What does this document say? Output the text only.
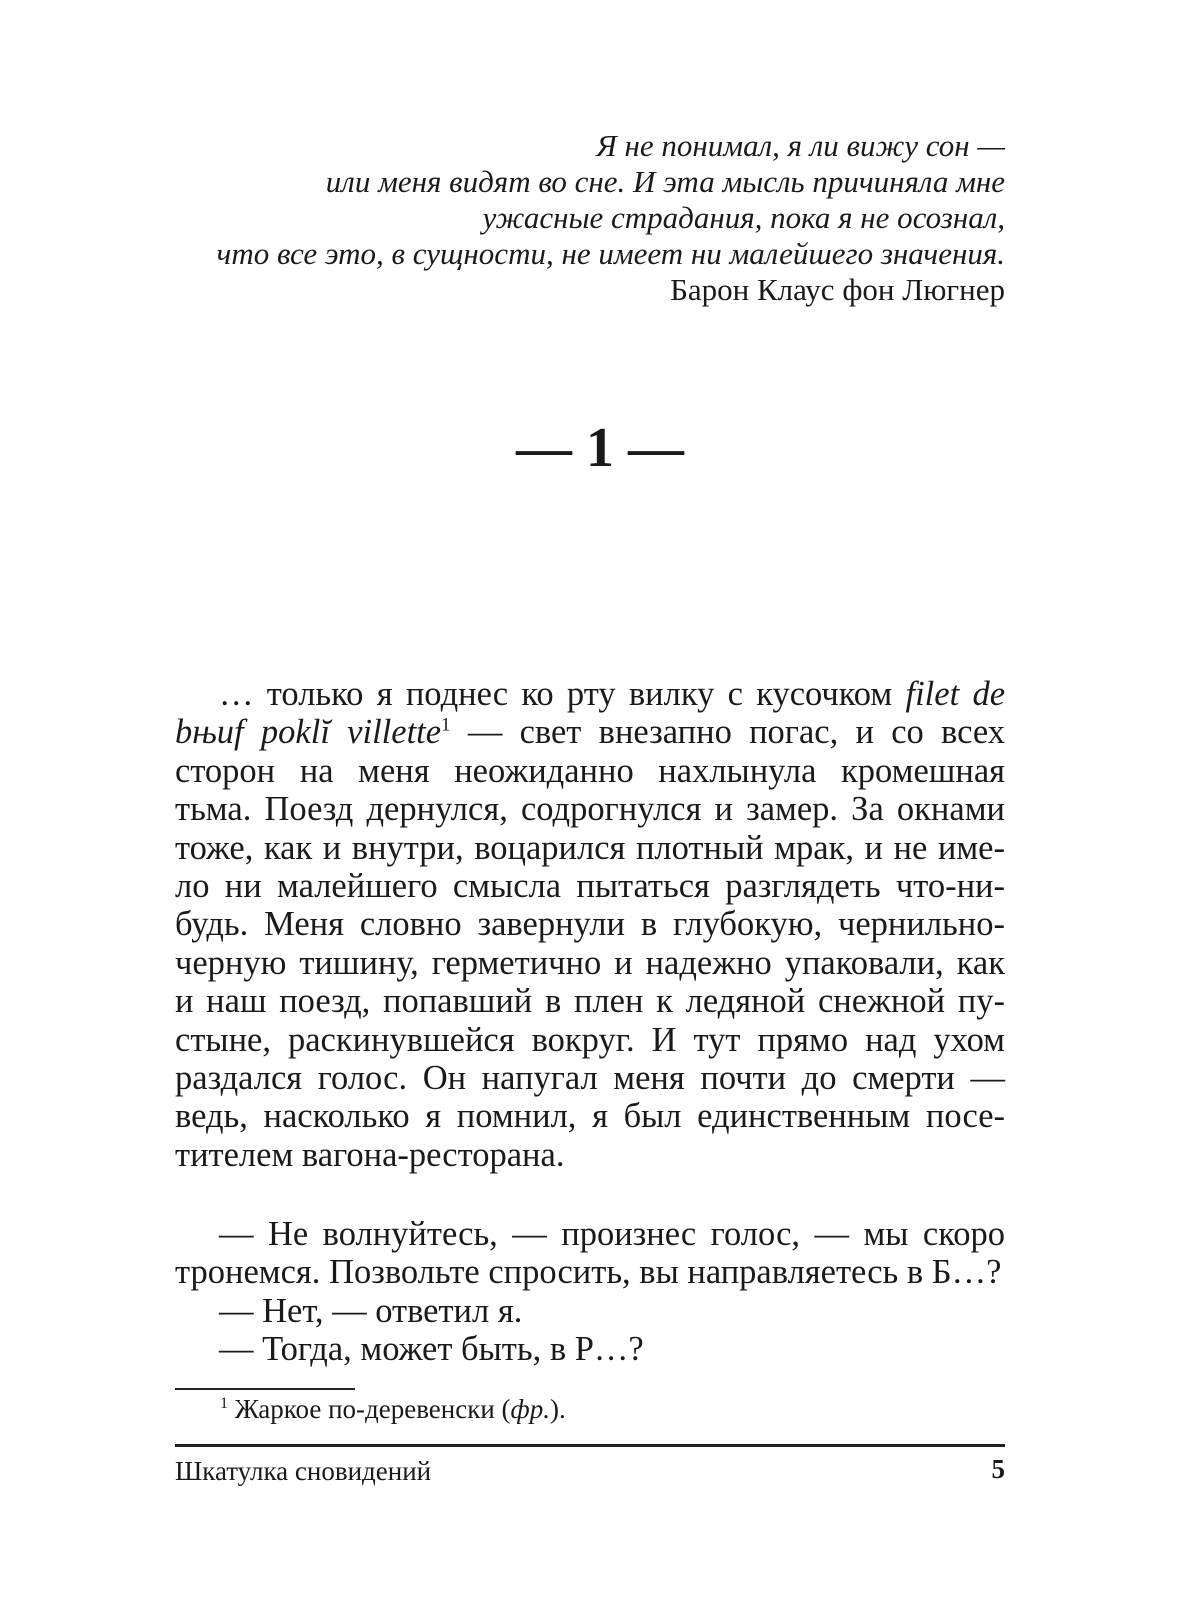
Я не понимал, я ли вижу сон —
или меня видят во сне. И эта мысль причиняла мне
ужасные страдания, пока я не осознал,
что все это, в сущности, не имеет ни малейшего значения.
Барон Клаус фон Люгнер
— 1 —
… только я поднес ко рту вилку с кусочком filet de
bњuf poklĭ villette$^1$ — свет внезапно погас, и со всех
сторон на меня неожиданно нахлынула кромешная
тьма. Поезд дернулся, содрогнулся и замер. За окнами
тоже, как и внутри, воцарился плотный мрак, и не име-
ло ни малейшего смысла пытаться разглядеть что-ни-
будь. Меня словно завернули в глубокую, чернильно-
черную тишину, герметично и надежно упаковали, как
и наш поезд, попавший в плен к ледяной снежной пу-
стыне, раскинувшейся вокруг. И тут прямо над ухом
раздался голос. Он напугал меня почти до смерти —
ведь, насколько я помнил, я был единственным посе-
тителем вагона-ресторана.
— Не волнуйтесь, — произнес голос, — мы скоро
тронемся. Позвольте спросить, вы направляетесь в Б…?
— Нет, — ответил я.
— Тогда, может быть, в Р…?
$^1$ Жаркое по-деревенски (фр.).
Шкатулка сновидений	5
